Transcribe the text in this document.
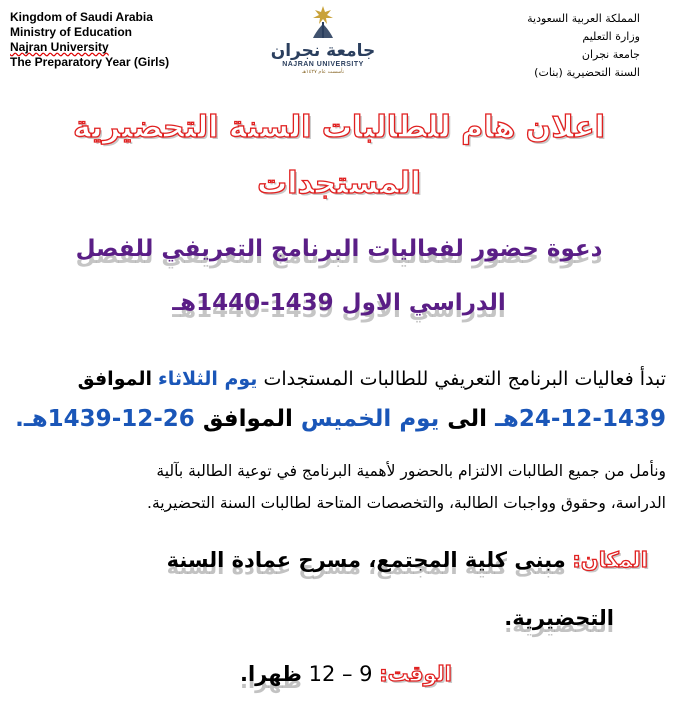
Kingdom of Saudi Arabia
Ministry of Education
Najran University
The Preparatory Year (Girls)
جامعة نجران
NAJRAN UNIVERSITY
تأسست عام ١٤٢٧هـ
المملكة العربية السعودية
وزارة التعليم
جامعة نجران
السنة التحضيرية (بنات)
اعلان هام للطالبات السنة التحضيرية
المستجدات
دعوة حضور لفعاليات البرنامج التعريفي للفصل
الدراسي الاول 1439-1440هـ
تبدأ فعاليات البرنامج التعريفي للطالبات المستجدات يوم الثلاثاء الموافق
24-12-1439هـ الى يوم الخميس الموافق 26-12-1439هـ.
ونأمل من جميع الطالبات الالتزام بالحضور لأهمية البرنامج في توعية الطالبة بآلية
الدراسة، وحقوق وواجبات الطالبة، والتخصصات المتاحة لطالبات السنة التحضيرية.
المكان: مبنى كلية المجتمع، مسرح عمادة السنة
التحضيرية.
الوقت: 9 – 12 ظهرا.
